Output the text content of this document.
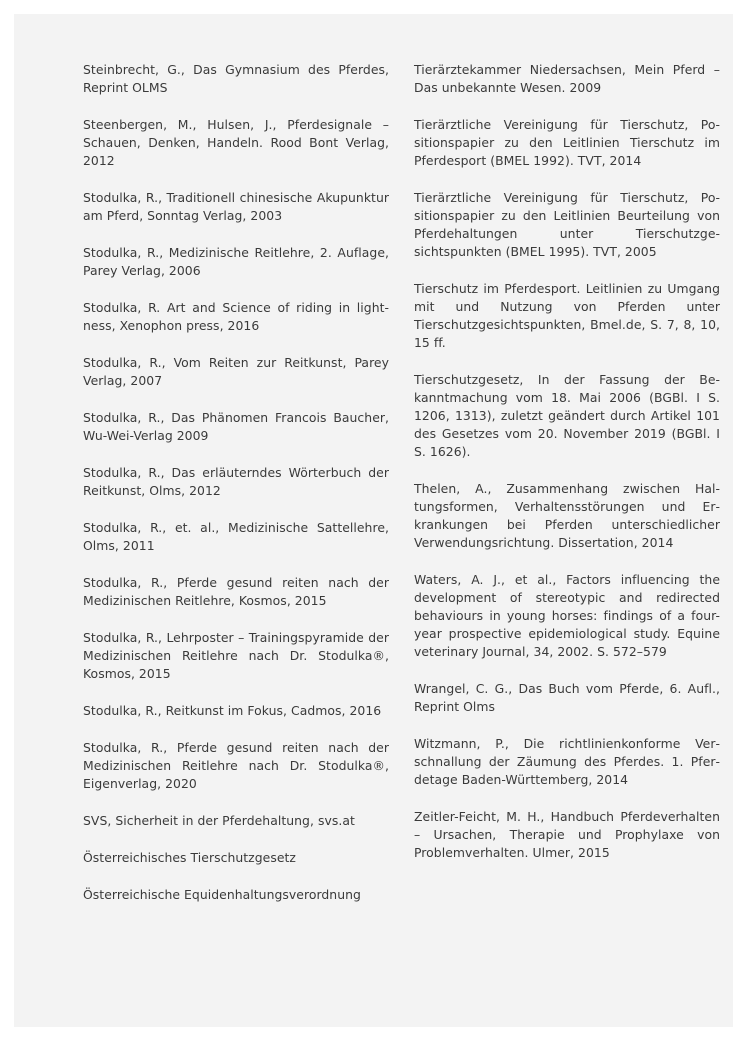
Steinbrecht, G., Das Gymnasium des Pferdes, Reprint OLMS

Steenbergen, M., Hulsen, J., Pferdesignale – Schauen, Denken, Handeln. Rood Bont Verlag, 2012

Stodulka, R., Traditionell chinesische Akupunktur am Pferd, Sonntag Verlag, 2003

Stodulka, R., Medizinische Reitlehre, 2. Auflage, Parey Verlag, 2006

Stodulka, R. Art and Science of riding in lightness, Xenophon press, 2016

Stodulka, R., Vom Reiten zur Reitkunst, Parey Verlag, 2007

Stodulka, R., Das Phänomen Francois Baucher, Wu-Wei-Verlag 2009

Stodulka, R., Das erläuterndes Wörterbuch der Reitkunst, Olms, 2012

Stodulka, R., et. al., Medizinische Sattellehre, Olms, 2011

Stodulka, R., Pferde gesund reiten nach der Medizinischen Reitlehre, Kosmos, 2015

Stodulka, R., Lehrposter – Trainingspyramide der Medizinischen Reitlehre nach Dr. Stodulka®, Kosmos, 2015

Stodulka, R., Reitkunst im Fokus, Cadmos, 2016

Stodulka, R., Pferde gesund reiten nach der Medizinischen Reitlehre nach Dr. Stodulka®, Eigenverlag, 2020

SVS, Sicherheit in der Pferdehaltung, svs.at

Österreichisches Tierschutzgesetz

Österreichische Equidenhaltungsverordnung

Tierärztekammer Niedersachsen, Mein Pferd – Das unbekannte Wesen. 2009

Tierärztliche Vereinigung für Tierschutz, Positionspapier zu den Leitlinien Tierschutz im Pferdesport (BMEL 1992). TVT, 2014

Tierärztliche Vereinigung für Tierschutz, Positionspapier zu den Leitlinien Beurteilung von Pferdehaltungen unter Tierschutzgesichtspunkten (BMEL 1995). TVT, 2005

Tierschutz im Pferdesport. Leitlinien zu Umgang mit und Nutzung von Pferden unter Tierschutzgesichtspunkten, Bmel.de, S. 7, 8, 10, 15 ff.

Tierschutzgesetz, In der Fassung der Bekanntmachung vom 18. Mai 2006 (BGBl. I S. 1206, 1313), zuletzt geändert durch Artikel 101 des Gesetzes vom 20. November 2019 (BGBl. I S. 1626).

Thelen, A., Zusammenhang zwischen Haltungsformen, Verhaltensstörungen und Erkrankungen bei Pferden unterschiedlicher Verwendungsrichtung. Dissertation, 2014

Waters, A. J., et al., Factors influencing the development of stereotypic and redirected behaviours in young horses: findings of a four-year prospective epidemiological study. Equine veterinary Journal, 34, 2002. S. 572–579

Wrangel, C. G., Das Buch vom Pferde, 6. Aufl., Reprint Olms

Witzmann, P., Die richtlinienkonforme Verschnallung der Zäumung des Pferdes. 1. Pferdetage Baden-Württemberg, 2014

Zeitler-Feicht, M. H., Handbuch Pferdeverhalten – Ursachen, Therapie und Prophylaxe von Problemverhalten. Ulmer, 2015
